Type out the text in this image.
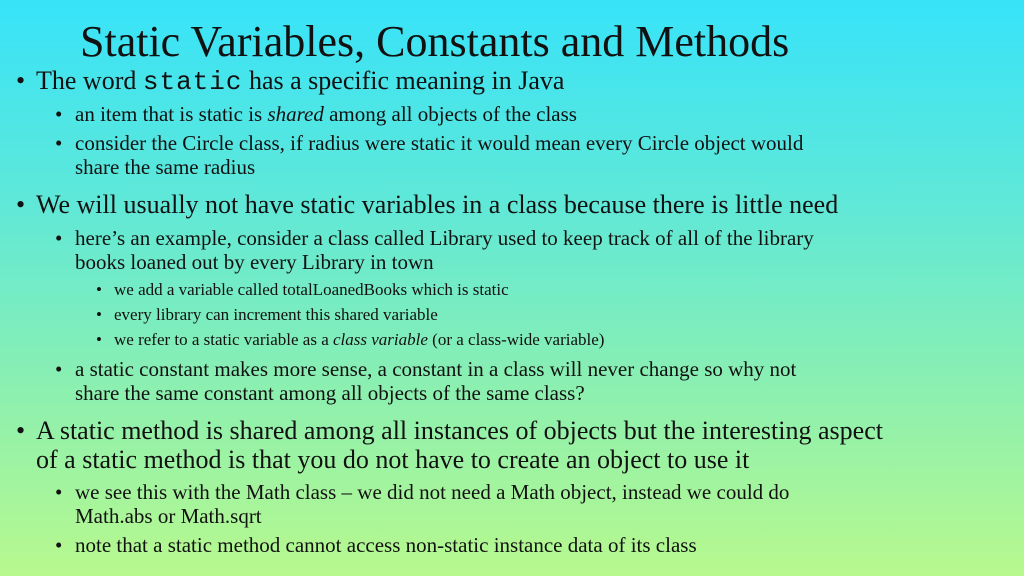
Static Variables, Constants and Methods
• The word static has a specific meaning in Java
• an item that is static is shared among all objects of the class
• consider the Circle class, if radius were static it would mean every Circle object would
share the same radius
• We will usually not have static variables in a class because there is little need
• here’s an example, consider a class called Library used to keep track of all of the library
books loaned out by every Library in town
• we add a variable called totalLoanedBooks which is static
• every library can increment this shared variable
• we refer to a static variable as a class variable (or a class-wide variable)
• a static constant makes more sense, a constant in a class will never change so why not
share the same constant among all objects of the same class?
• A static method is shared among all instances of objects but the interesting aspect
of a static method is that you do not have to create an object to use it
• we see this with the Math class – we did not need a Math object, instead we could do
Math.abs or Math.sqrt
• note that a static method cannot access non-static instance data of its class
